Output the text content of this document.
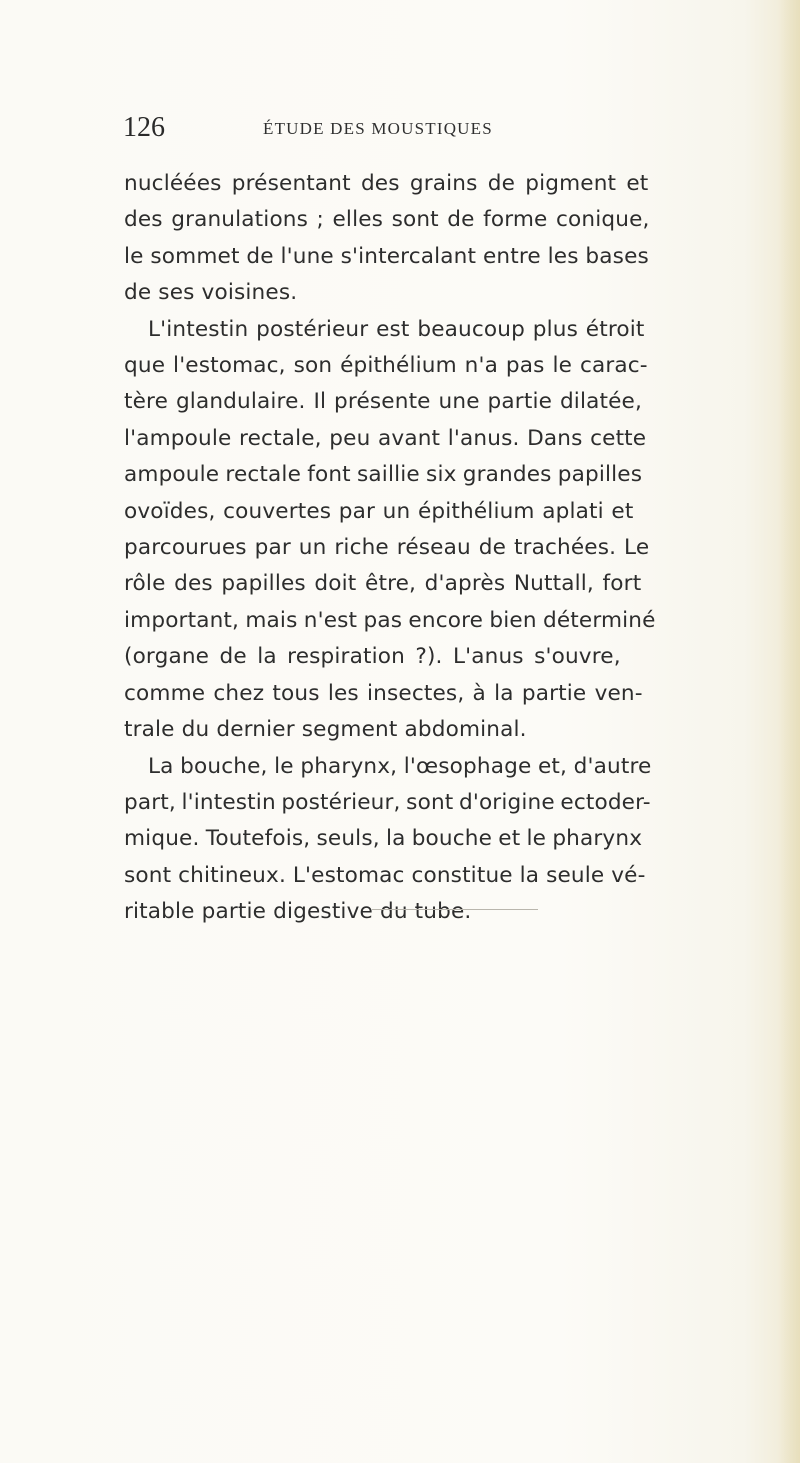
126	ÉTUDE DES MOUSTIQUES
nucléées présentant des grains de pigment et
des granulations ; elles sont de forme conique,
le sommet de l'une s'intercalant entre les bases
de ses voisines.
L'intestin postérieur est beaucoup plus étroit
que l'estomac, son épithélium n'a pas le carac-
tère glandulaire. Il présente une partie dilatée,
l'ampoule rectale, peu avant l'anus. Dans cette
ampoule rectale font saillie six grandes papilles
ovoïdes, couvertes par un épithélium aplati et
parcourues par un riche réseau de trachées. Le
rôle des papilles doit être, d'après Nuttall, fort
important, mais n'est pas encore bien déterminé
(organe de la respiration ?). L'anus s'ouvre,
comme chez tous les insectes, à la partie ven-
trale du dernier segment abdominal.
La bouche, le pharynx, l'œsophage et, d'autre
part, l'intestin postérieur, sont d'origine ectoder-
mique. Toutefois, seuls, la bouche et le pharynx
sont chitineux. L'estomac constitue la seule vé-
ritable partie digestive du tube.
